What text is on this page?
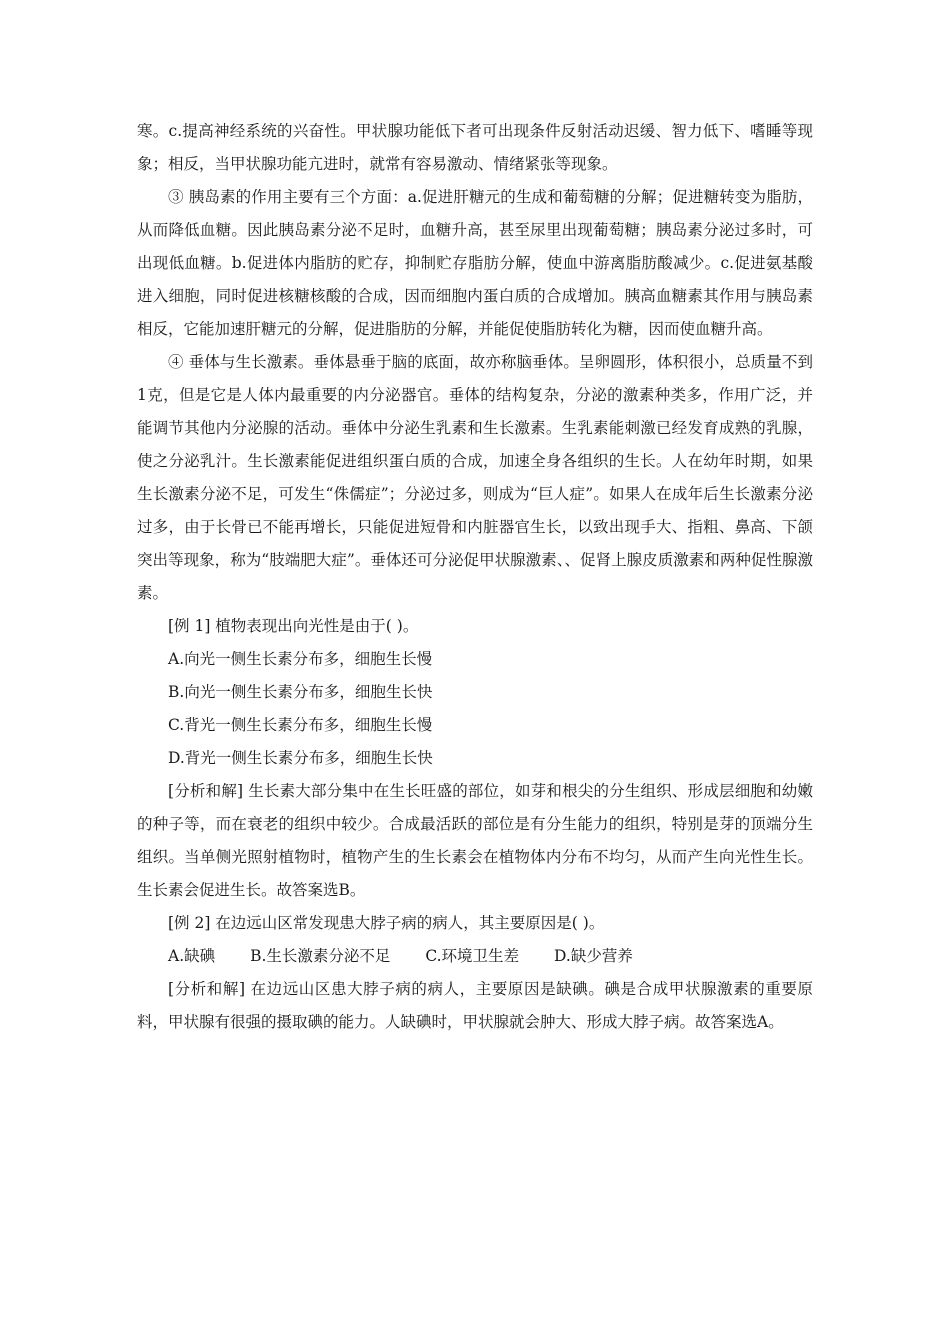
寒。c.提高神经系统的兴奋性。甲状腺功能低下者可出现条件反射活动迟缓、智力低下、嗜睡等现象；相反，当甲状腺功能亢进时，就常有容易激动、情绪紧张等现象。

③ 胰岛素的作用主要有三个方面：a.促进肝糖元的生成和葡萄糖的分解；促进糖转变为脂肪，从而降低血糖。因此胰岛素分泌不足时，血糖升高，甚至尿里出现葡萄糖；胰岛素分泌过多时，可出现低血糖。b.促进体内脂肪的贮存，抑制贮存脂肪分解，使血中游离脂肪酸减少。c.促进氨基酸进入细胞，同时促进核糖核酸的合成，因而细胞内蛋白质的合成增加。胰高血糖素其作用与胰岛素相反，它能加速肝糖元的分解，促进脂肪的分解，并能促使脂肪转化为糖，因而使血糖升高。

④ 垂体与生长激素。垂体悬垂于脑的底面，故亦称脑垂体。呈卵圆形，体积很小，总质量不到1克，但是它是人体内最重要的内分泌器官。垂体的结构复杂，分泌的激素种类多，作用广泛，并能调节其他内分泌腺的活动。垂体中分泌生乳素和生长激素。生乳素能刺激已经发育成熟的乳腺，使之分泌乳汁。生长激素能促进组织蛋白质的合成，加速全身各组织的生长。人在幼年时期，如果生长激素分泌不足，可发生“侏儒症”；分泌过多，则成为“巨人症”。如果人在成年后生长激素分泌过多，由于长骨已不能再增长，只能促进短骨和内脏器官生长，以致出现手大、指粗、鼻高、下颌突出等现象，称为“肢端肥大症”。垂体还可分泌促甲状腺激素、、促肾上腺皮质激素和两种促性腺激素。

[例 1] 植物表现出向光性是由于( )。

A.向光一侧生长素分布多，细胞生长慢

B.向光一侧生长素分布多，细胞生长快

C.背光一侧生长素分布多，细胞生长慢

D.背光一侧生长素分布多，细胞生长快

[分析和解] 生长素大部分集中在生长旺盛的部位，如芽和根尖的分生组织、形成层细胞和幼嫩的种子等，而在衰老的组织中较少。合成最活跃的部位是有分生能力的组织，特别是芽的顶端分生组织。当单侧光照射植物时，植物产生的生长素会在植物体内分布不均匀，从而产生向光性生长。生长素会促进生长。故答案选B。

[例 2] 在边远山区常发现患大脖子病的病人，其主要原因是( )。

A.缺碘 B.生长激素分泌不足 C.环境卫生差 D.缺少营养

[分析和解] 在边远山区患大脖子病的病人，主要原因是缺碘。碘是合成甲状腺激素的重要原料，甲状腺有很强的摄取碘的能力。人缺碘时，甲状腺就会肿大、形成大脖子病。故答案选A。
